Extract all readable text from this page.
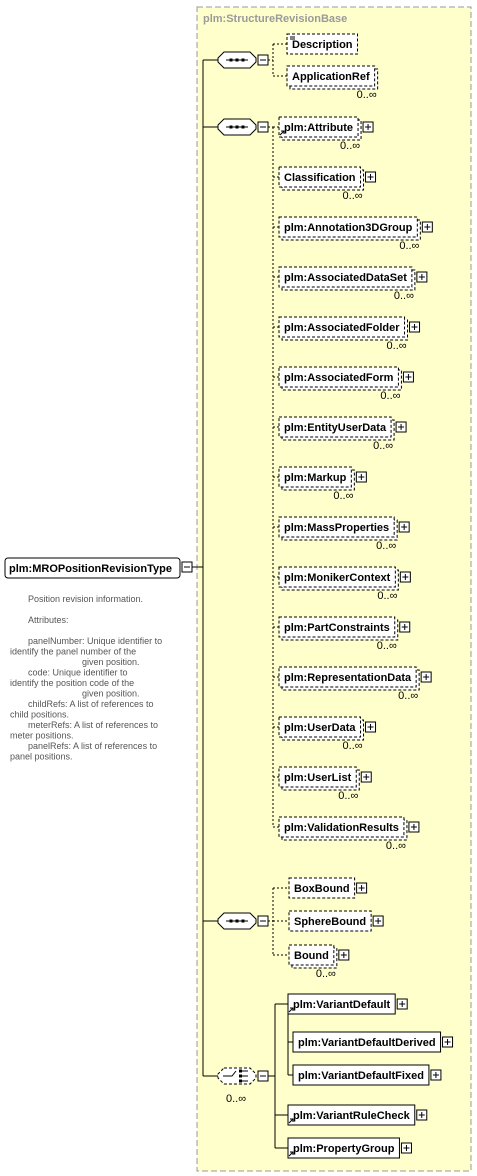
plm:StructureRevisionBase
Position revision information. Attributes: panelNumber: Unique identifier to identify the panel number of the given position. code: Unique identifier to identify the position code of the given position. childRefs: A list of references to child positions. meterRefs: A list of references to meter positions. panelRefs: A list of references to panel positions.
0..∞
Description
ApplicationRef
0..∞
plm:Attribute
0..∞
Classification
0..∞
plm:Annotation3DGroup
0..∞
plm:AssociatedDataSet
0..∞
plm:AssociatedFolder
0..∞
plm:AssociatedForm
0..∞
plm:EntityUserData
0..∞
plm:Markup
0..∞
plm:MassProperties
0..∞
plm:MonikerContext
0..∞
plm:PartConstraints
0..∞
plm:RepresentationData
0..∞
plm:UserData
0..∞
plm:UserList
0..∞
plm:ValidationResults
0..∞
BoxBound
SphereBound
Bound
0..∞
plm:VariantDefault
plm:VariantRuleCheck
plm:PropertyGroup
plm:VariantDefaultDerived
plm:VariantDefaultFixed
plm:MROPositionRevisionType
